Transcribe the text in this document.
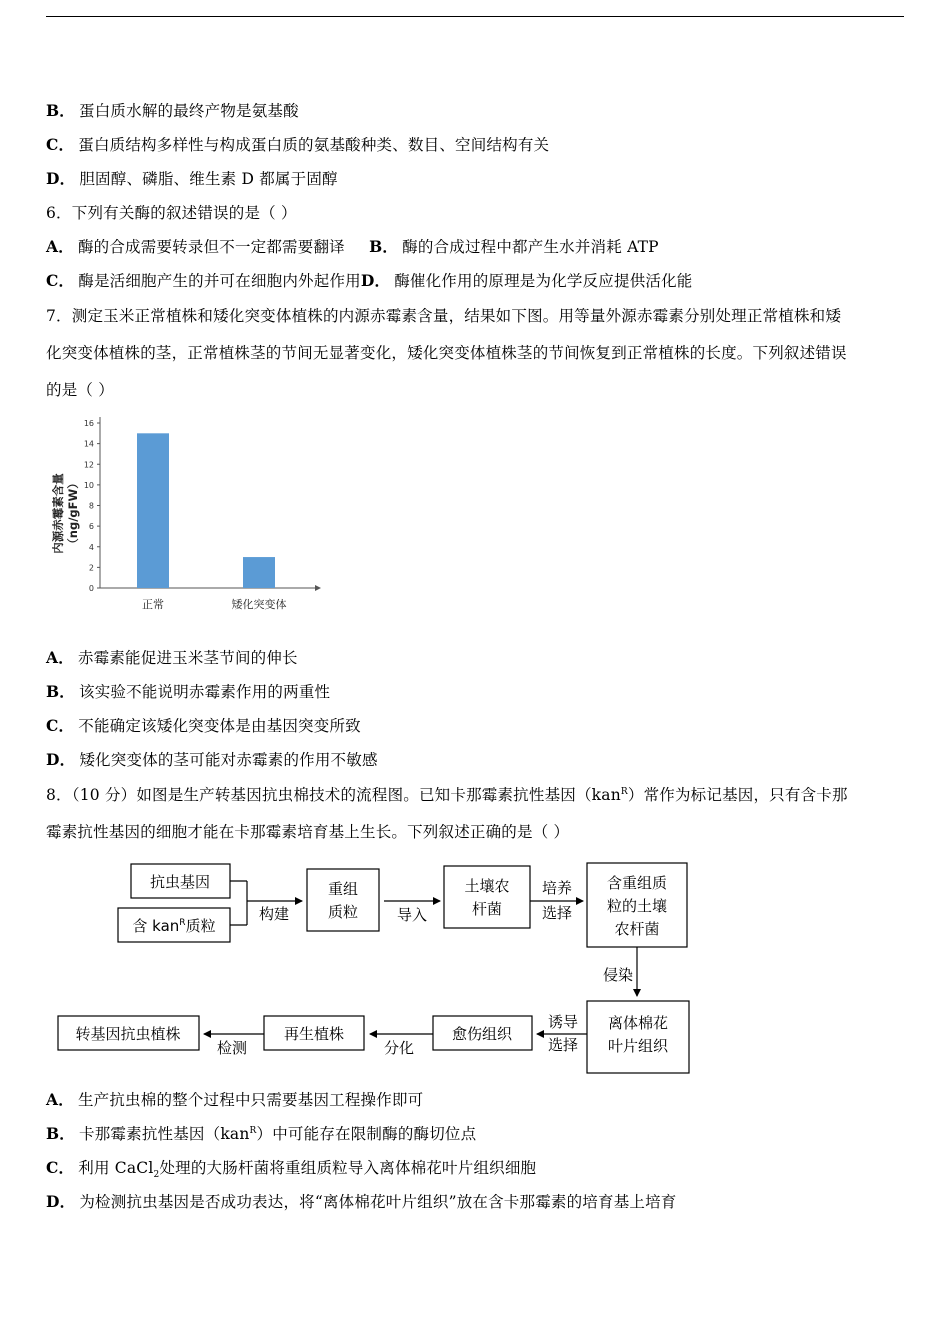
B． 蛋白质水解的最终产物是氨基酸
C． 蛋白质结构多样性与构成蛋白质的氨基酸种类、数目、空间结构有关
D． 胆固醇、磷脂、维生素 D 都属于固醇
6．下列有关酶的叙述错误的是（ ）
A． 酶的合成需要转录但不一定都需要翻译 B． 酶的合成过程中都产生水并消耗 ATP
C． 酶是活细胞产生的并可在细胞内外起作用D． 酶催化作用的原理是为化学反应提供活化能
7．测定玉米正常植株和矮化突变体植株的内源赤霉素含量，结果如下图。用等量外源赤霉素分别处理正常植株和矮
化突变体植株的茎，正常植株茎的节间无显著变化，矮化突变体植株茎的节间恢复到正常植株的长度。下列叙述错误
的是（ ）
0
2
4
6
8
10
12
14
16
正常	矮化突变体
内源赤霉素含量 （ng/gFW）
A． 赤霉素能促进玉米茎节间的伸长
B． 该实验不能说明赤霉素作用的两重性
C． 不能确定该矮化突变体是由基因突变所致
D． 矮化突变体的茎可能对赤霉素的作用不敏感
8．（10 分）如图是生产转基因抗虫棉技术的流程图。已知卡那霉素抗性基因（kan$^R$）常作为标记基因，只有含卡那
霉素抗性基因的细胞才能在卡那霉素培育基上生长。下列叙述正确的是（ ）
抗虫基因
含 kan$^R$质粒
构建
重组
质粒	导入
土壤农
杆菌
培养
选择
含重组质
粒的土壤
农杆菌
侵染
离体棉花
叶片组织
诱导
选择
愈伤组织
分化
再生植株
检测
转基因抗虫植株
A． 生产抗虫棉的整个过程中只需要基因工程操作即可
B． 卡那霉素抗性基因（kan$^R$）中可能存在限制酶的酶切位点
C． 利用 CaCl$_2$处理的大肠杆菌将重组质粒导入离体棉花叶片组织细胞
D． 为检测抗虫基因是否成功表达，将“离体棉花叶片组织”放在含卡那霉素的培育基上培育
